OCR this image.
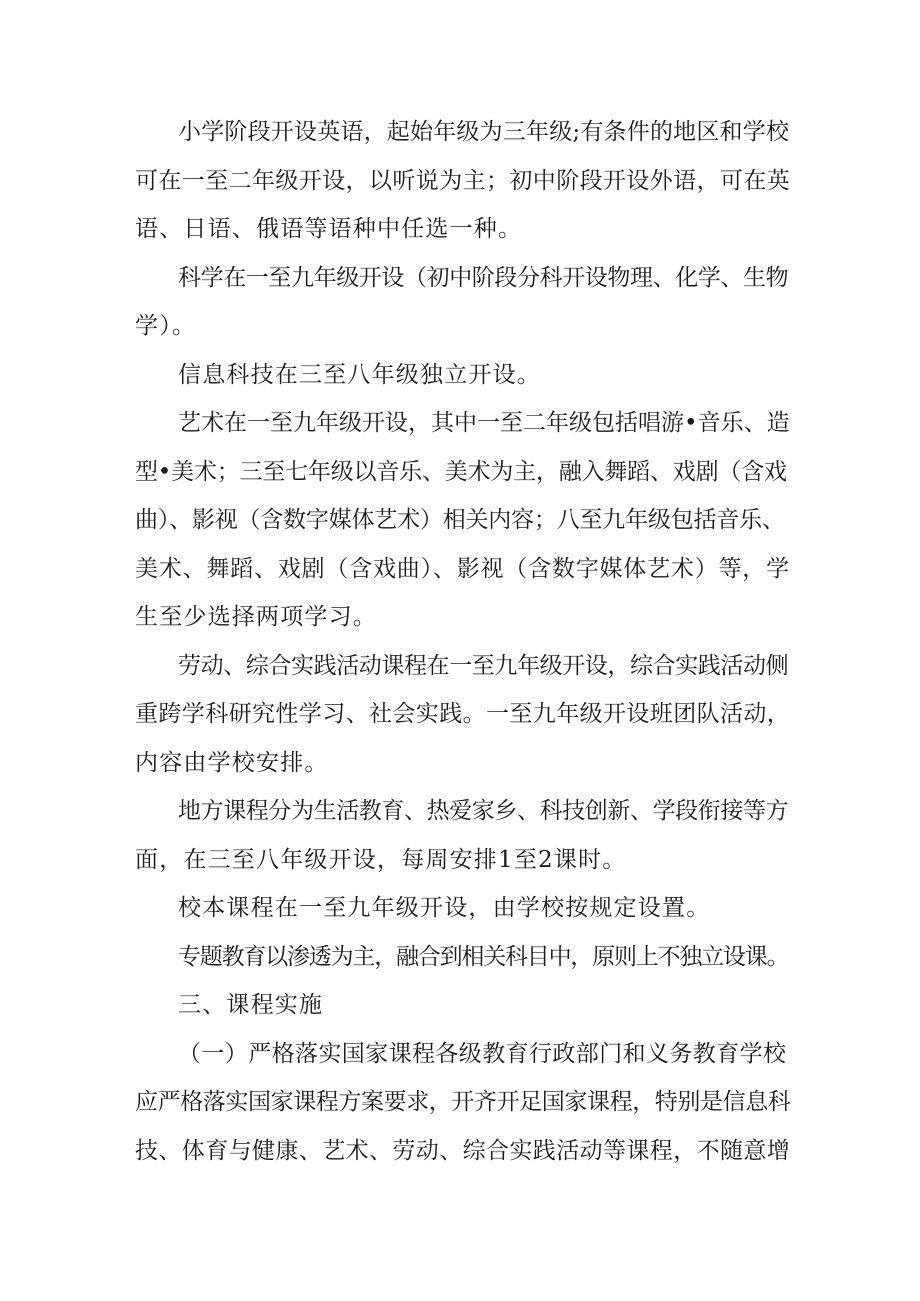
小学阶段开设英语，起始年级为三年级;有条件的地区和学校
可在一至二年级开设，以听说为主；初中阶段开设外语，可在英
语、日语、俄语等语种中任选一种。
科学在一至九年级开设（初中阶段分科开设物理、化学、生物
学）。
信息科技在三至八年级独立开设。
艺术在一至九年级开设，其中一至二年级包括唱游•音乐、造
型•美术；三至七年级以音乐、美术为主，融入舞蹈、戏剧（含戏
曲）、影视（含数字媒体艺术）相关内容；八至九年级包括音乐、
美术、舞蹈、戏剧（含戏曲）、影视（含数字媒体艺术）等，学
生至少选择两项学习。
劳动、综合实践活动课程在一至九年级开设，综合实践活动侧
重跨学科研究性学习、社会实践。一至九年级开设班团队活动，
内容由学校安排。
地方课程分为生活教育、热爱家乡、科技创新、学段衔接等方
面，在三至八年级开设，每周安排1至2课时。
校本课程在一至九年级开设，由学校按规定设置。
专题教育以渗透为主，融合到相关科目中，原则上不独立设课。
三、课程实施
（一）严格落实国家课程各级教育行政部门和义务教育学校
应严格落实国家课程方案要求，开齐开足国家课程，特别是信息科
技、体育与健康、艺术、劳动、综合实践活动等课程，不随意增
